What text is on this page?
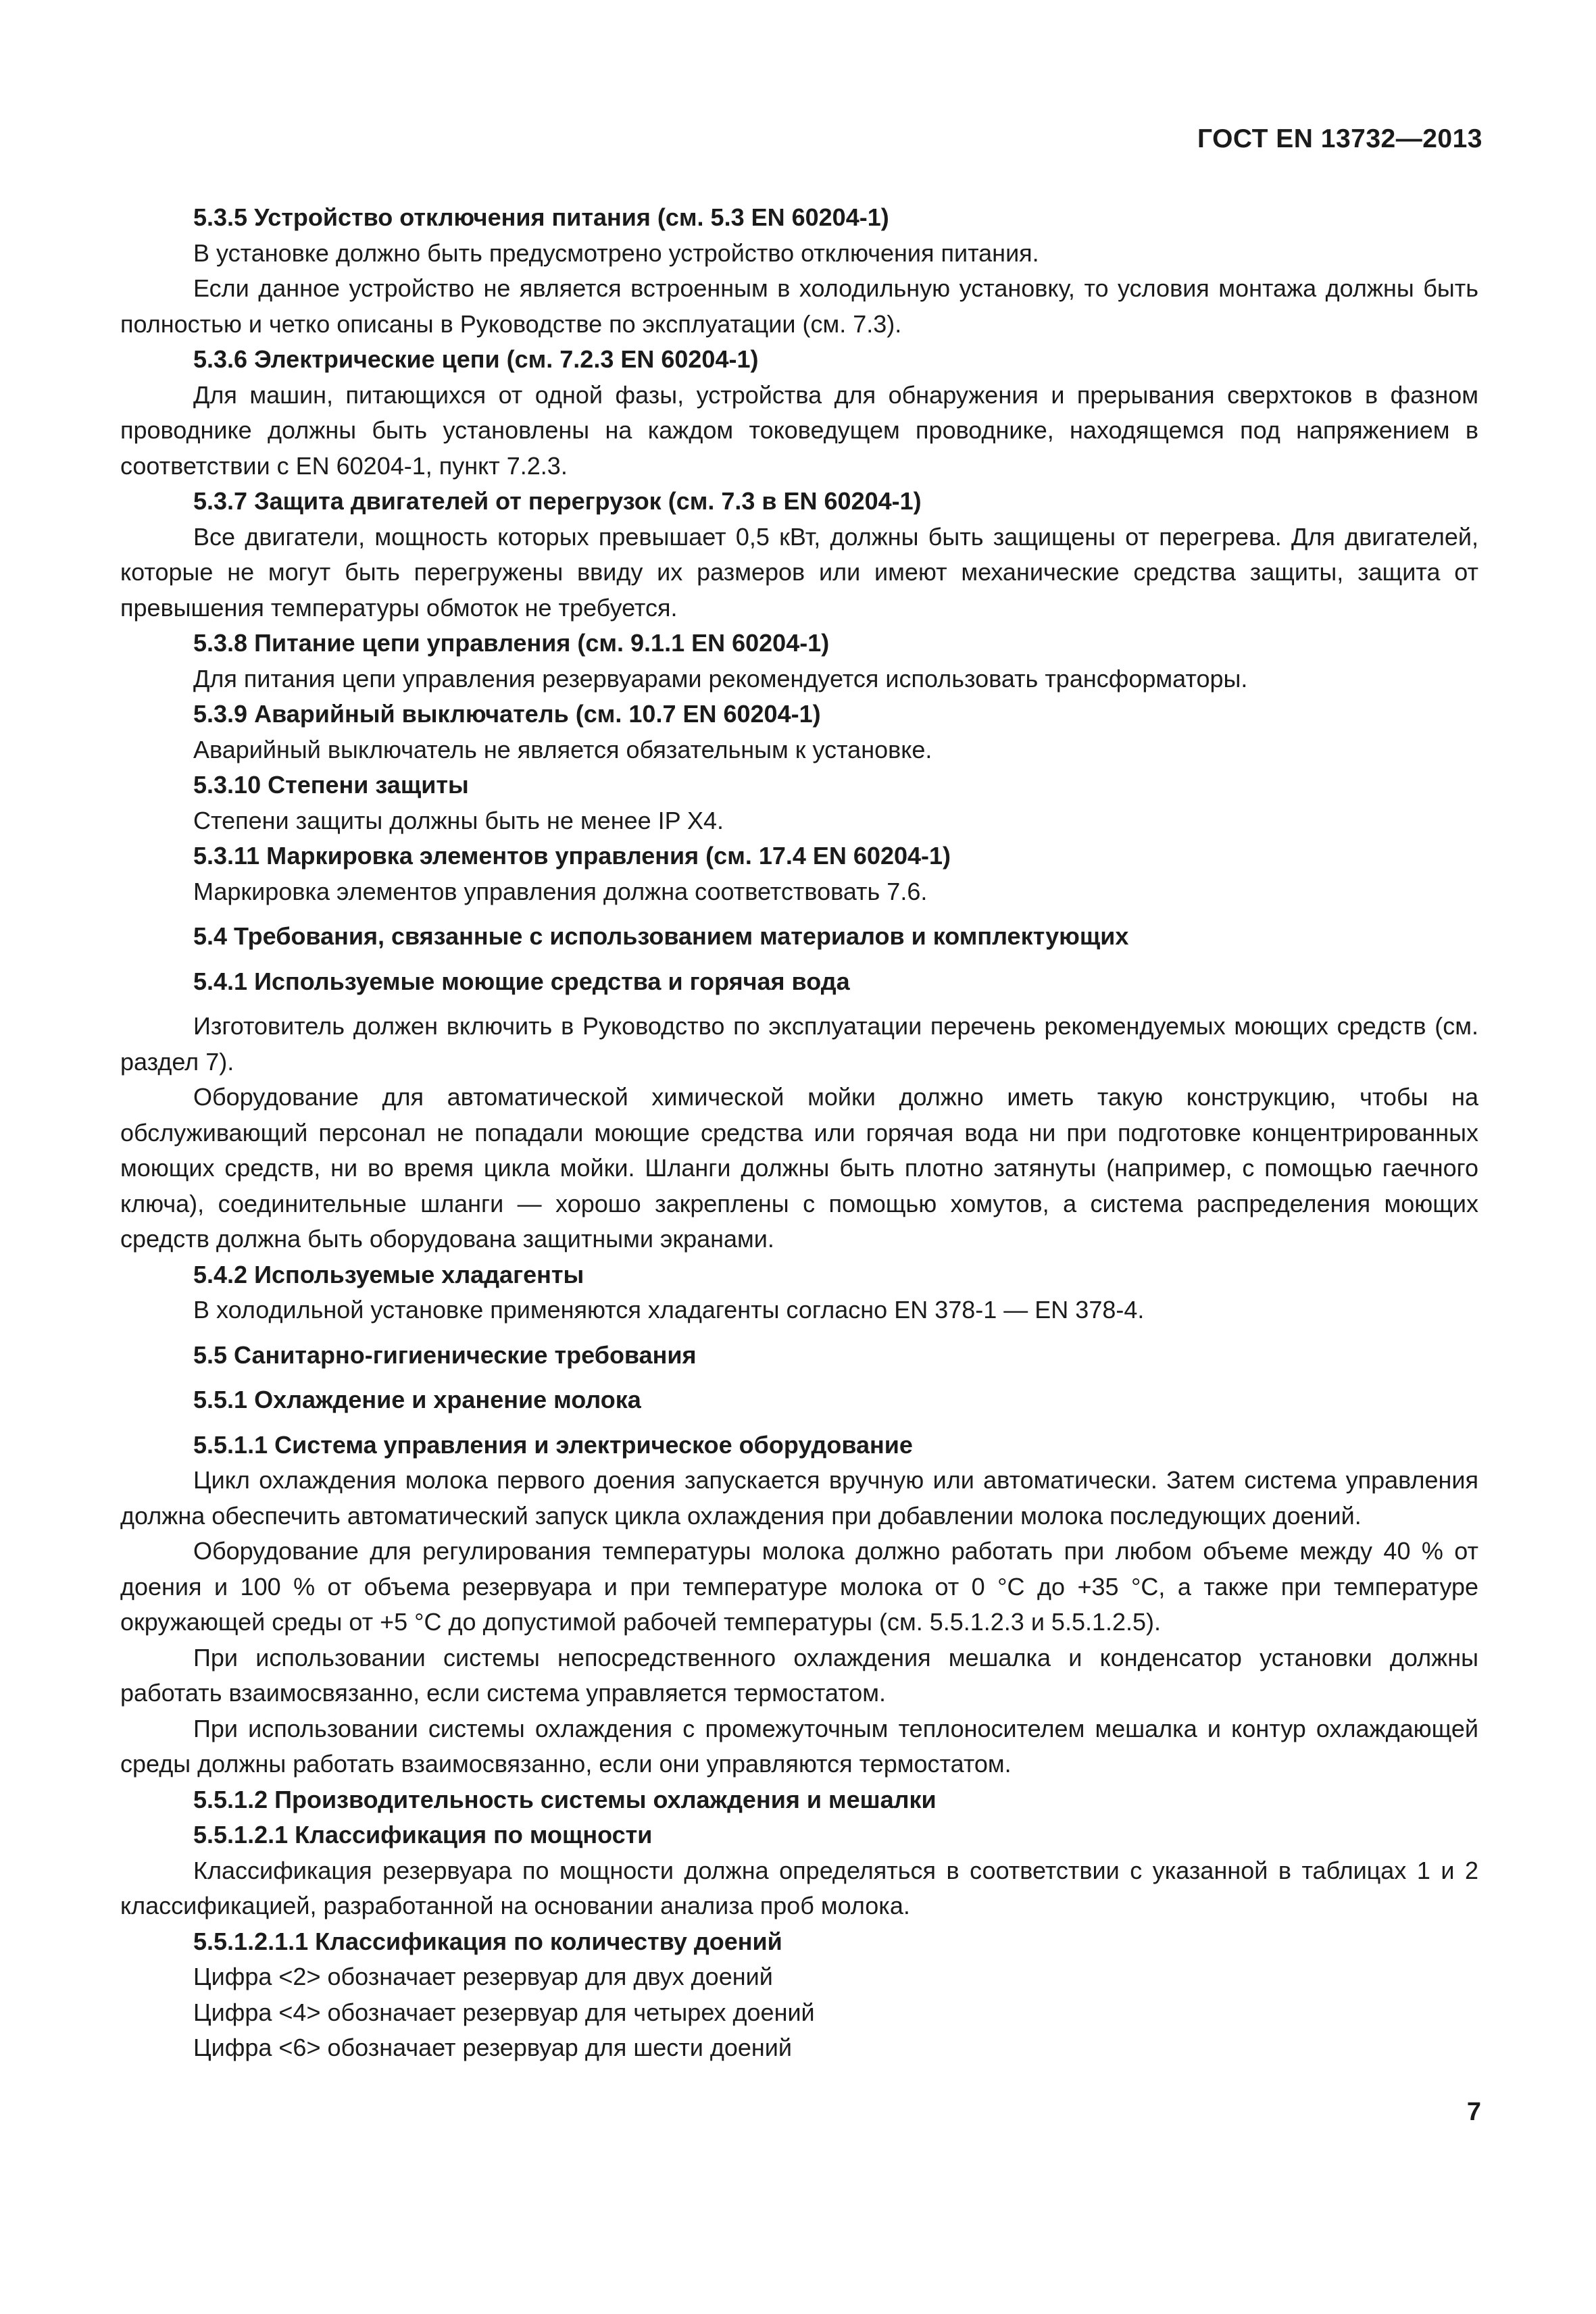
ГОСТ EN 13732—2013

5.3.5 Устройство отключения питания (см. 5.3 EN 60204-1)

В установке должно быть предусмотрено устройство отключения питания.

Если данное устройство не является встроенным в холодильную установку, то условия монтажа должны быть полностью и четко описаны в Руководстве по эксплуатации (см. 7.3).

5.3.6 Электрические цепи (см. 7.2.3 EN 60204-1)

Для машин, питающихся от одной фазы, устройства для обнаружения и прерывания сверхтоков в фазном проводнике должны быть установлены на каждом токоведущем проводнике, находящемся под напряжением в соответствии с EN 60204-1, пункт 7.2.3.

5.3.7 Защита двигателей от перегрузок (см. 7.3 в EN 60204-1)

Все двигатели, мощность которых превышает 0,5 кВт, должны быть защищены от перегрева. Для двигателей, которые не могут быть перегружены ввиду их размеров или имеют механические средства защиты, защита от превышения температуры обмоток не требуется.

5.3.8 Питание цепи управления (см. 9.1.1 EN 60204-1)

Для питания цепи управления резервуарами рекомендуется использовать трансформаторы.

5.3.9 Аварийный выключатель (см. 10.7 EN 60204-1)

Аварийный выключатель не является обязательным к установке.

5.3.10 Степени защиты

Степени защиты должны быть не менее IP X4.

5.3.11 Маркировка элементов управления (см. 17.4 EN 60204-1)

Маркировка элементов управления должна соответствовать 7.6.

5.4 Требования, связанные с использованием материалов и комплектующих

5.4.1 Используемые моющие средства и горячая вода

Изготовитель должен включить в Руководство по эксплуатации перечень рекомендуемых моющих средств (см. раздел 7).

Оборудование для автоматической химической мойки должно иметь такую конструкцию, чтобы на обслуживающий персонал не попадали моющие средства или горячая вода ни при подготовке концентрированных моющих средств, ни во время цикла мойки. Шланги должны быть плотно затянуты (например, с помощью гаечного ключа), соединительные шланги — хорошо закреплены с помощью хомутов, а система распределения моющих средств должна быть оборудована защитными экранами.

5.4.2 Используемые хладагенты

В холодильной установке применяются хладагенты согласно EN 378-1 — EN 378-4.

5.5 Санитарно-гигиенические требования

5.5.1 Охлаждение и хранение молока

5.5.1.1 Система управления и электрическое оборудование

Цикл охлаждения молока первого доения запускается вручную или автоматически. Затем система управления должна обеспечить автоматический запуск цикла охлаждения при добавлении молока последующих доений.

Оборудование для регулирования температуры молока должно работать при любом объеме между 40 % от доения и 100 % от объема резервуара и при температуре молока от 0 °С до +35 °С, а также при температуре окружающей среды от +5 °С до допустимой рабочей температуры (см. 5.5.1.2.3 и 5.5.1.2.5).

При использовании системы непосредственного охлаждения мешалка и конденсатор установки должны работать взаимосвязанно, если система управляется термостатом.

При использовании системы охлаждения с промежуточным теплоносителем мешалка и контур охлаждающей среды должны работать взаимосвязанно, если они управляются термостатом.

5.5.1.2 Производительность системы охлаждения и мешалки

5.5.1.2.1 Классификация по мощности

Классификация резервуара по мощности должна определяться в соответствии с указанной в таблицах 1 и 2 классификацией, разработанной на основании анализа проб молока.

5.5.1.2.1.1 Классификация по количеству доений

Цифра <2> обозначает резервуар для двух доений

Цифра <4> обозначает резервуар для четырех доений

Цифра <6> обозначает резервуар для шести доений

7
